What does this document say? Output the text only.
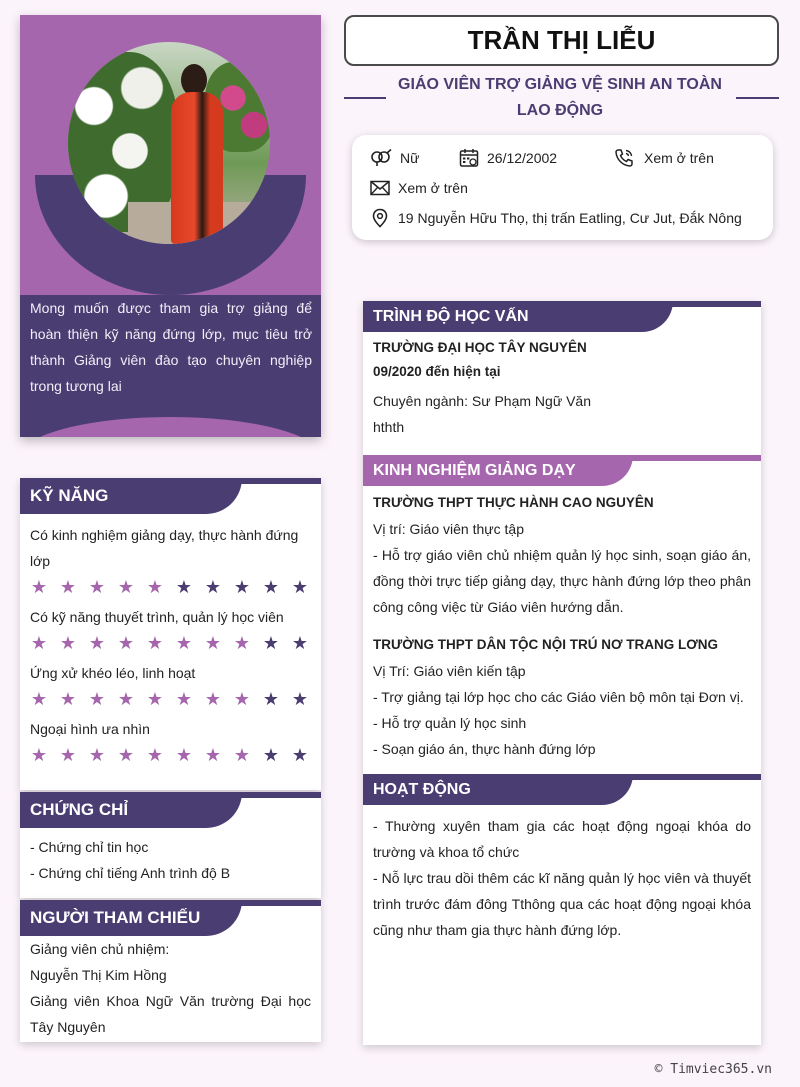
Mong muốn được tham gia trợ giảng để hoàn thiện kỹ năng đứng lớp, mục tiêu trở thành Giảng viên đào tạo chuyên nghiệp trong tương lai

KỸ NĂNG
Có kinh nghiệm giảng dạy, thực hành đứng lớp
★ ★ ★ ★ ★ ★ ★ ★ ★ ★
Có kỹ năng thuyết trình, quản lý học viên
★ ★ ★ ★ ★ ★ ★ ★ ★ ★
Ứng xử khéo léo, linh hoạt
★ ★ ★ ★ ★ ★ ★ ★ ★ ★
Ngoại hình ưa nhìn
★ ★ ★ ★ ★ ★ ★ ★ ★ ★
CHỨNG CHỈ
- Chứng chỉ tin học
- Chứng chỉ tiếng Anh trình độ B
NGƯỜI THAM CHIẾU
Giảng viên chủ nhiệm:
Nguyễn Thị Kim Hồng
Giảng viên Khoa Ngữ Văn trường Đại học Tây Nguyên
TRẦN THỊ LIỄU
GIÁO VIÊN TRỢ GIẢNG VỆ SINH AN TOÀN LAO ĐỘNG
Nữ	26/12/2002	Xem ở trên
Xem ở trên
19 Nguyễn Hữu Thọ, thị trấn Eatling, Cư Jut, Đắk Nông
TRÌNH ĐỘ HỌC VẤN
TRƯỜNG ĐẠI HỌC TÂY NGUYÊN
09/2020 đến hiện tại
Chuyên ngành: Sư Phạm Ngữ Văn
hthth
KINH NGHIỆM GIẢNG DẠY
TRƯỜNG THPT THỰC HÀNH CAO NGUYÊN
Vị trí: Giáo viên thực tập
- Hỗ trợ giáo viên chủ nhiệm quản lý học sinh, soạn giáo án, đồng thời trực tiếp giảng dạy, thực hành đứng lớp theo phân công công việc từ Giáo viên hướng dẫn.
TRƯỜNG THPT DÂN TỘC NỘI TRÚ NƠ TRANG LƠNG
Vị Trí: Giáo viên kiến tập
- Trợ giảng tại lớp học cho các Giáo viên bộ môn tại Đơn vị.
- Hỗ trợ quản lý học sinh
- Soạn giáo án, thực hành đứng lớp
HOẠT ĐỘNG
- Thường xuyên tham gia các hoạt động ngoại khóa do trường và khoa tổ chức
- Nỗ lực trau dồi thêm các kĩ năng quản lý học viên và thuyết trình trước đám đông Tthông qua các hoạt động ngoại khóa cũng như tham gia thực hành đứng lớp.
© Timviec365.vn
